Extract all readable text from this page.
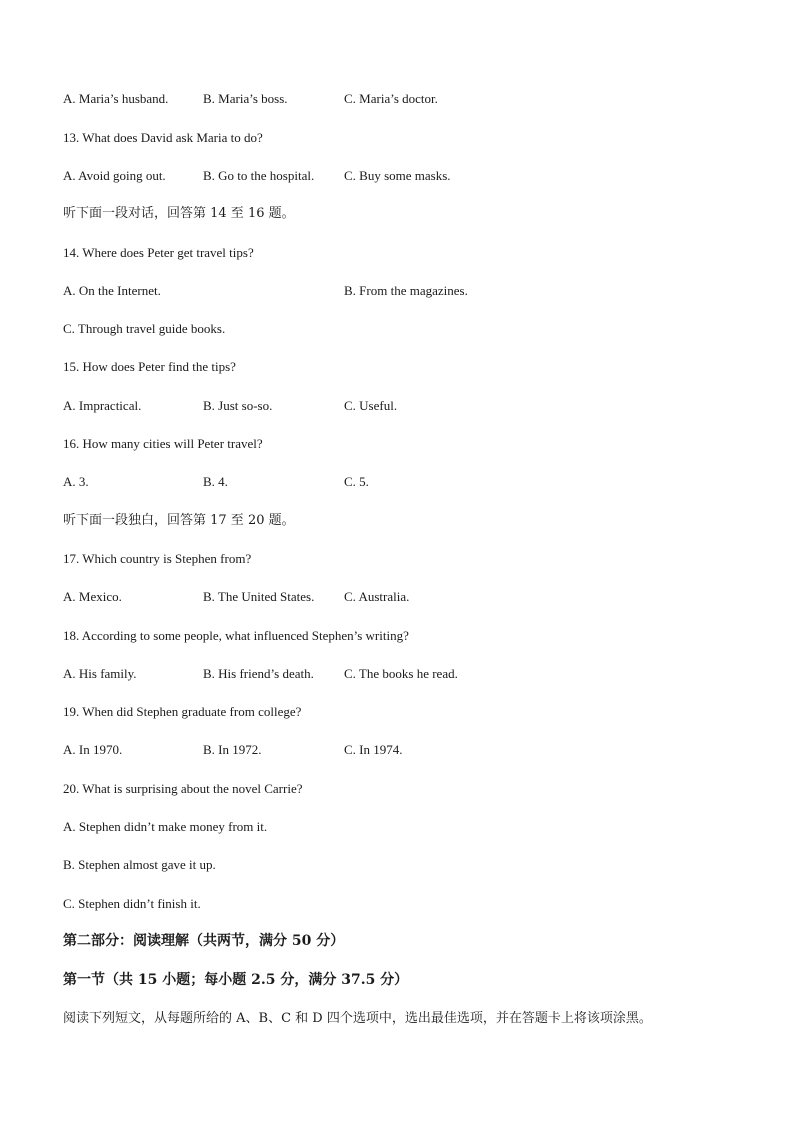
A. Maria’s husband.	B. Maria’s boss.	C. Maria’s doctor.
13. What does David ask Maria to do?
A. Avoid going out.	B. Go to the hospital. C. Buy some masks.
听下面一段对话，回答第 14 至 16 题。
14. Where does Peter get travel tips?
A. On the Internet.	B. From the magazines.
C. Through travel guide books.
15. How does Peter find the tips?
A. Impractical.	B. Just so-so.	C. Useful.
16. How many cities will Peter travel?
A. 3.	B. 4.	C. 5.
听下面一段独白，回答第 17 至 20 题。
17. Which country is Stephen from?
A. Mexico.	B. The United States. C. Australia.
18. According to some people, what influenced Stephen’s writing?
A. His family.	B. His friend’s death. C. The books he read.
19. When did Stephen graduate from college?
A. In 1970.	B. In 1972.	C. In 1974.
20. What is surprising about the novel Carrie?
A. Stephen didn’t make money from it.
B. Stephen almost gave it up.
C. Stephen didn’t finish it.
第二部分：阅读理解（共两节，满分 50 分）
第一节（共 15 小题；每小题 2.5 分，满分 37.5 分）
阅读下列短文，从每题所给的 A、B、C 和 D 四个选项中，选出最佳选项，并在答题卡上将该项涂黑。
